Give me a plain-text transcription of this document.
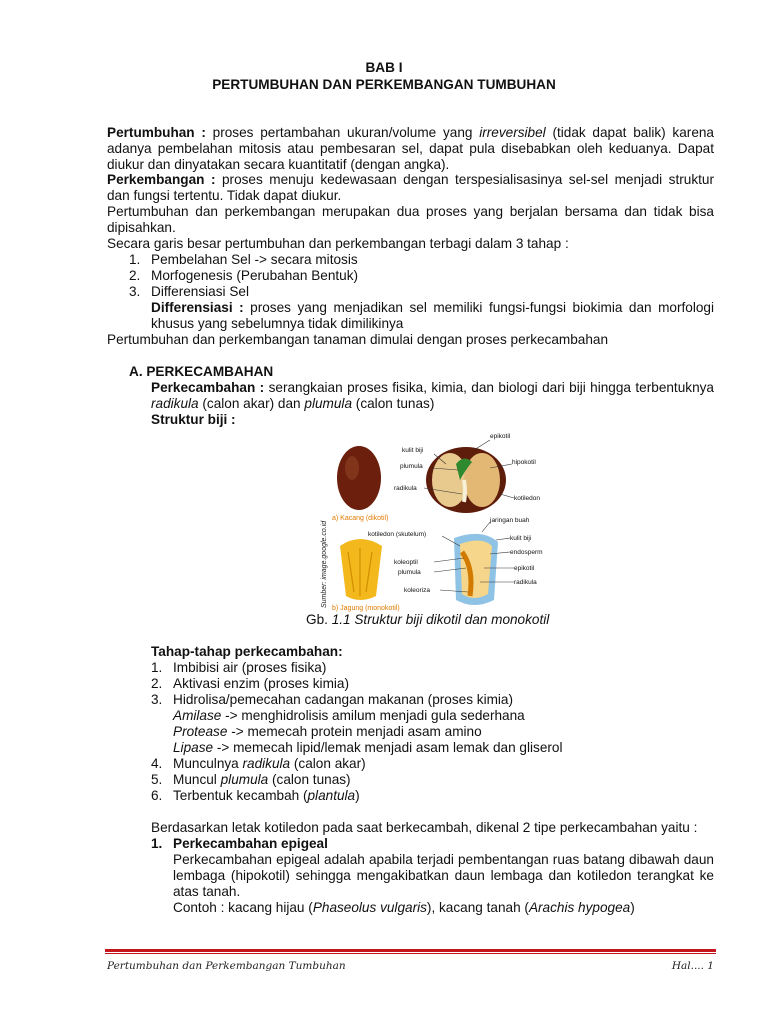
BAB I
PERTUMBUHAN DAN PERKEMBANGAN TUMBUHAN

Pertumbuhan : proses pertambahan ukuran/volume yang irreversibel (tidak dapat balik) karena adanya pembelahan mitosis atau pembesaran sel, dapat pula disebabkan oleh keduanya. Dapat diukur dan dinyatakan secara kuantitatif (dengan angka).

Perkembangan : proses menuju kedewasaan dengan terspesialisasinya sel-sel menjadi struktur dan fungsi tertentu. Tidak dapat diukur.

Pertumbuhan dan perkembangan merupakan dua proses yang berjalan bersama dan tidak bisa dipisahkan.

Secara garis besar pertumbuhan dan perkembangan terbagi dalam 3 tahap :

1. Pembelahan Sel -> secara mitosis
2. Morfogenesis (Perubahan Bentuk)
3. Differensiasi Sel

Differensiasi : proses yang menjadikan sel memiliki fungsi-fungsi biokimia dan morfologi khusus yang sebelumnya tidak dimilikinya

Pertumbuhan dan perkembangan tanaman dimulai dengan proses perkecambahan

A. PERKECAMBAHAN

Perkecambahan : serangkaian proses fisika, kimia, dan biologi dari biji hingga terbentuknya radikula (calon akar) dan plumula (calon tunas)

Struktur biji :
epikotil
kulit biji
hipokotil
plumula
radikula
kotiledon
a) Kacang (dikotil)	jaringan buah
kotiledon (skutelum)
kulit biji
endosperm
koleoptil
plumula
epikotil
radikula
koleoriza
b) Jagung (monokotil)
Sumber: image.google.co.id
Gb. 1.1 Struktur biji dikotil dan monokotil
Tahap-tahap perkecambahan:
1. Imbibisi air (proses fisika)
2. Aktivasi enzim (proses kimia)
3. Hidrolisa/pemecahan cadangan makanan (proses kimia)
Amilase -> menghidrolisis amilum menjadi gula sederhana
Protease -> memecah protein menjadi asam amino
Lipase -> memecah lipid/lemak menjadi asam lemak dan gliserol
4. Munculnya radikula (calon akar)
5. Muncul plumula (calon tunas)
6. Terbentuk kecambah (plantula)
Berdasarkan letak kotiledon pada saat berkecambah, dikenal 2 tipe perkecambahan yaitu :
1. Perkecambahan epigeal

Perkecambahan epigeal adalah apabila terjadi pembentangan ruas batang dibawah daun lembaga (hipokotil) sehingga mengakibatkan daun lembaga dan kotiledon terangkat ke atas tanah.

Contoh : kacang hijau (Phaseolus vulgaris), kacang tanah (Arachis hypogea)
Pertumbuhan dan Perkembangan Tumbuhan	Hal.... 1
